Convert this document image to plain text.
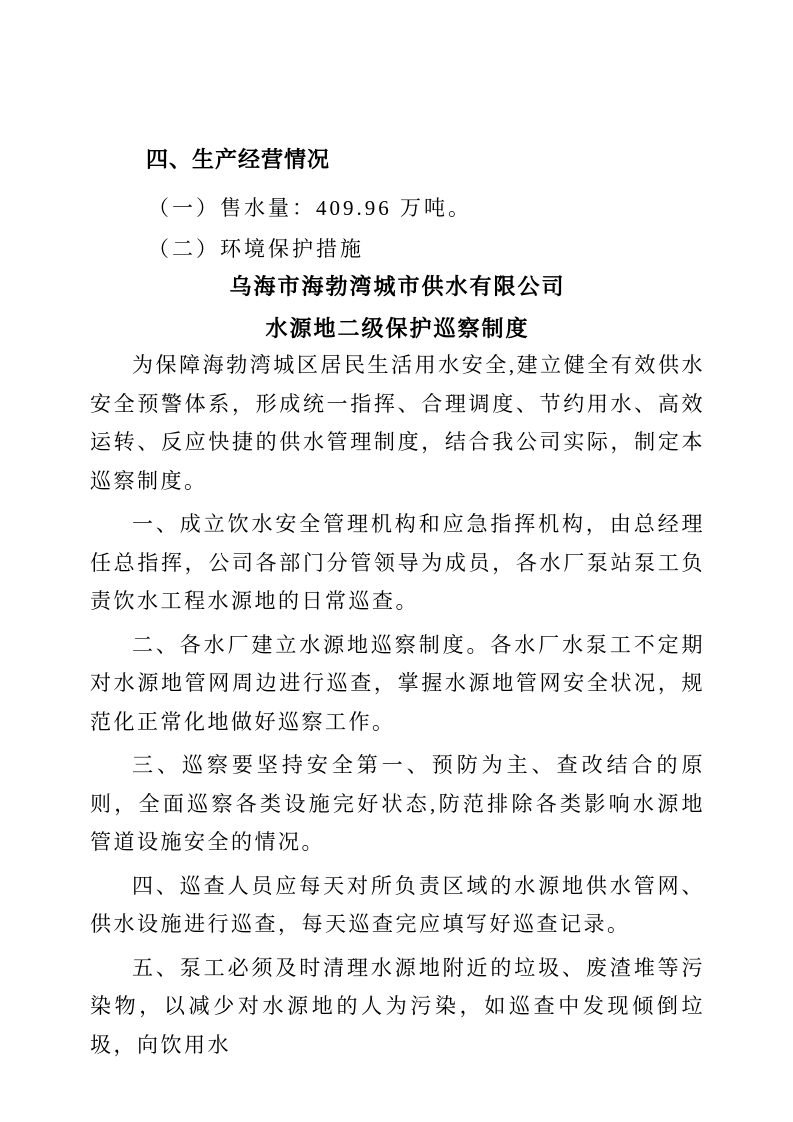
四、生产经营情况

（一）售水量：409.96 万吨。

（二）环境保护措施

乌海市海勃湾城市供水有限公司

水源地二级保护巡察制度

为保障海勃湾城区居民生活用水安全,建立健全有效供水安全预警体系，形成统一指挥、合理调度、节约用水、高效运转、反应快捷的供水管理制度，结合我公司实际，制定本巡察制度。

一、成立饮水安全管理机构和应急指挥机构，由总经理任总指挥，公司各部门分管领导为成员，各水厂泵站泵工负责饮水工程水源地的日常巡查。

二、各水厂建立水源地巡察制度。各水厂水泵工不定期对水源地管网周边进行巡查，掌握水源地管网安全状况，规范化正常化地做好巡察工作。

三、巡察要坚持安全第一、预防为主、查改结合的原则，全面巡察各类设施完好状态,防范排除各类影响水源地管道设施安全的情况。

四、巡查人员应每天对所负责区域的水源地供水管网、供水设施进行巡查，每天巡查完应填写好巡查记录。

五、泵工必须及时清理水源地附近的垃圾、废渣堆等污染物，以减少对水源地的人为污染，如巡查中发现倾倒垃圾，向饮用水
